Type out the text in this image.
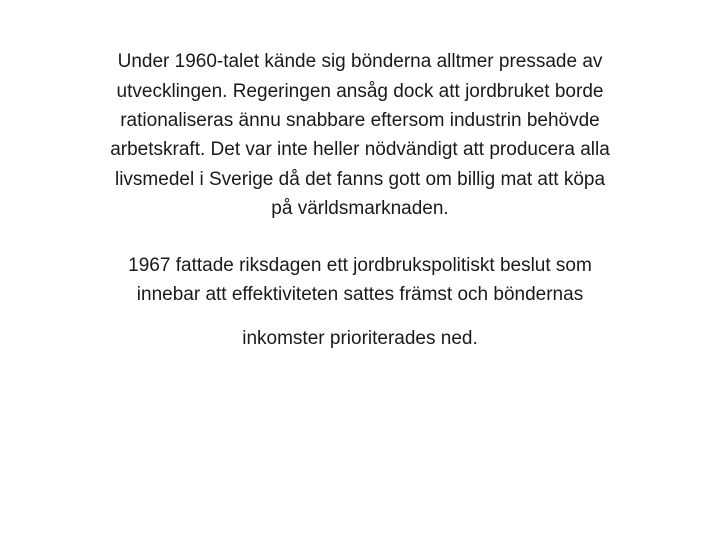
Under 1960-talet kände sig bönderna alltmer pressade av
utvecklingen. Regeringen ansåg dock att jordbruket borde
rationaliseras ännu snabbare eftersom industrin behövde
arbetskraft. Det var inte heller nödvändigt att producera alla
livsmedel i Sverige då det fanns gott om billig mat att köpa
på världsmarknaden.
1967 fattade riksdagen ett jordbrukspolitiskt beslut som
innebar att effektiviteten sattes främst och böndernas
inkomster prioriterades ned.
